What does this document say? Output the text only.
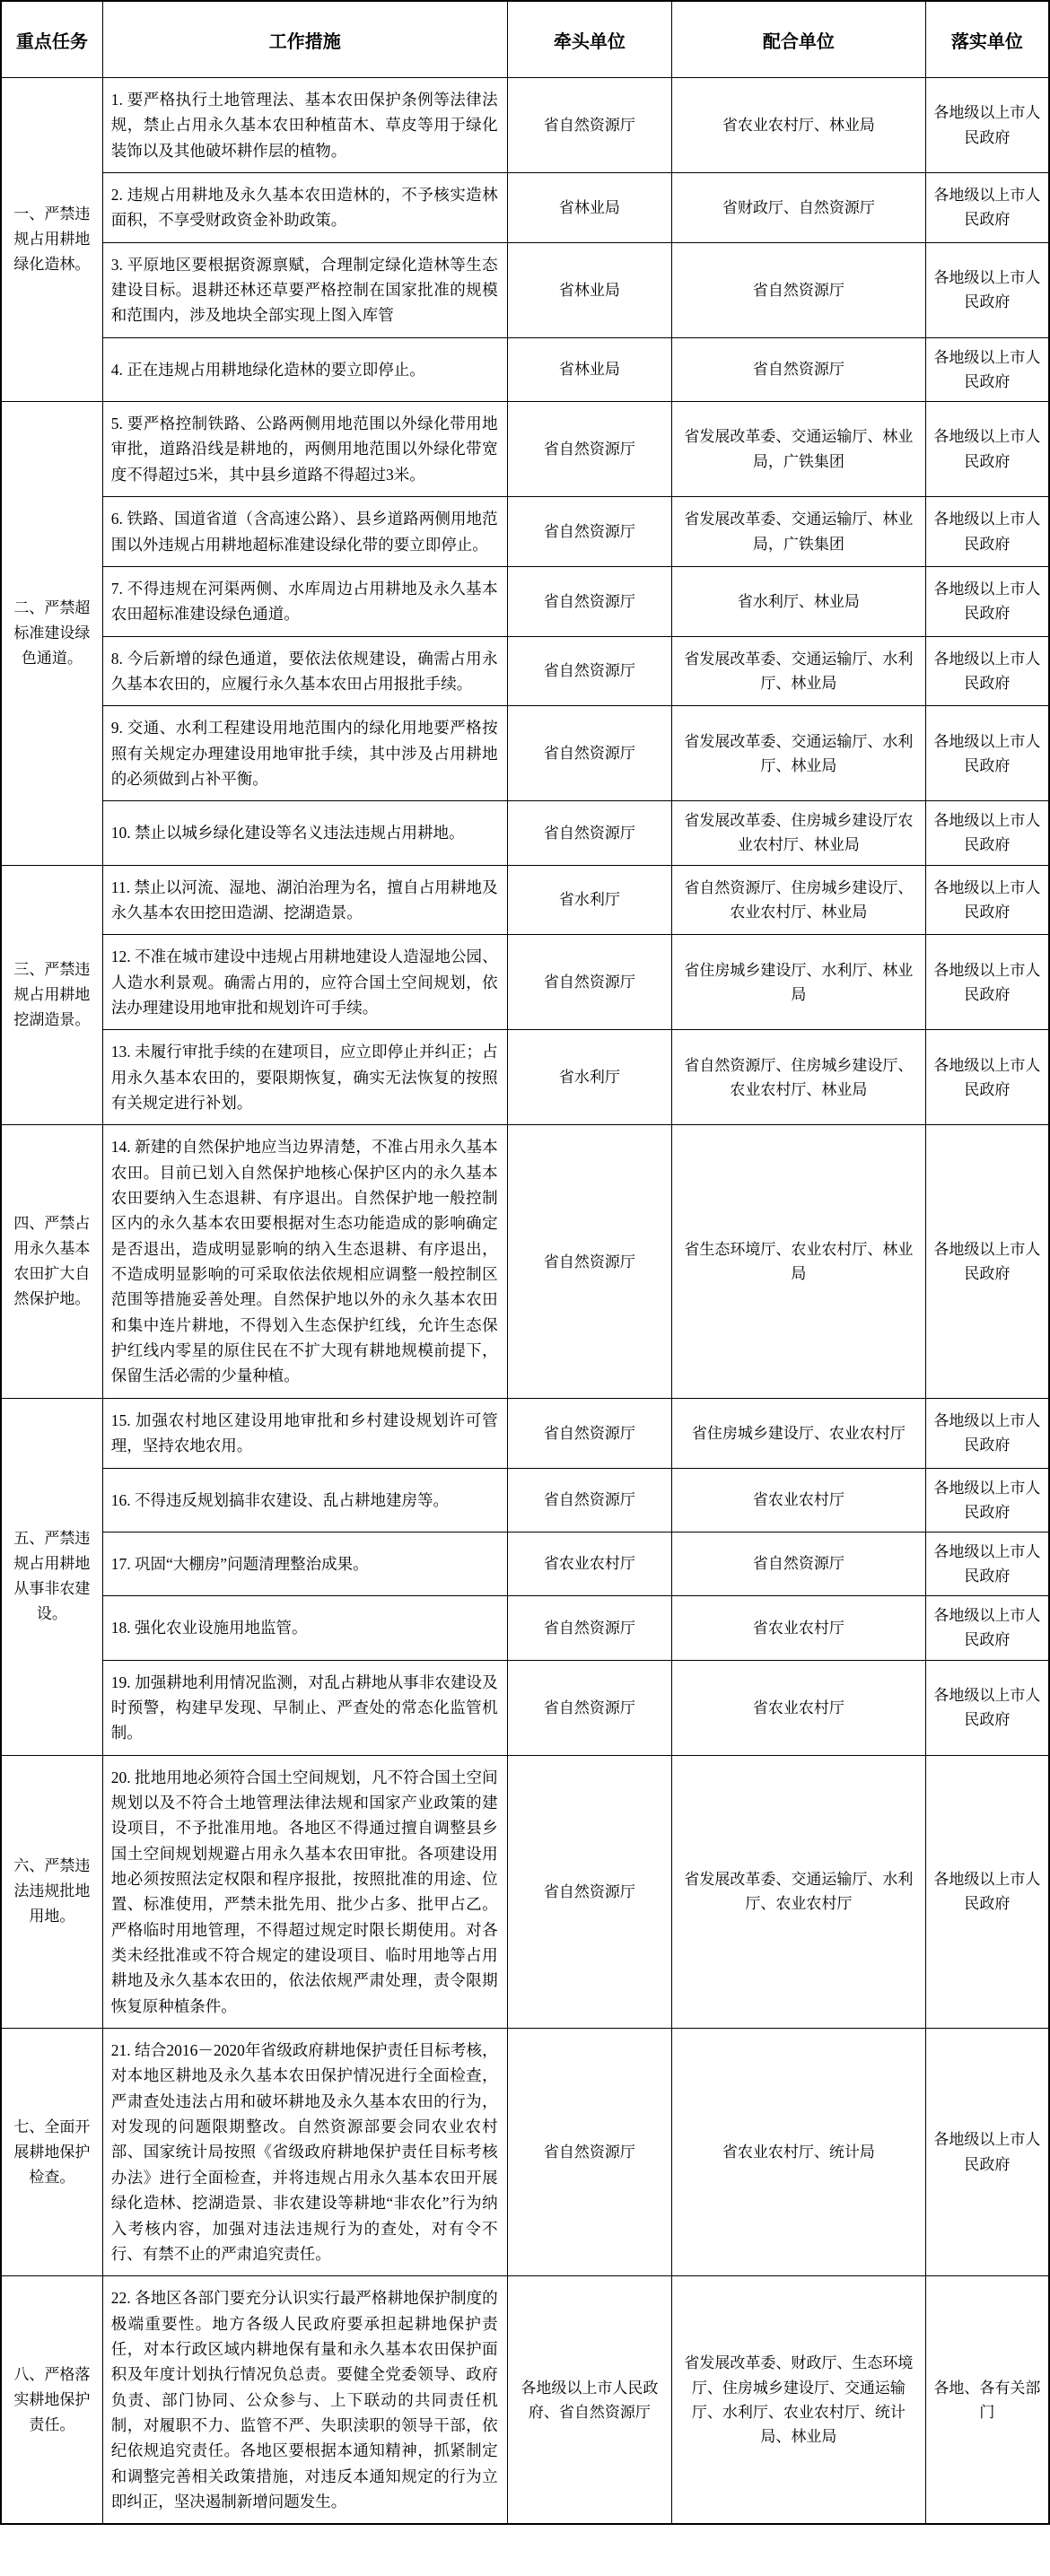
重点任务	工作措施	牵头单位	配合单位	落实单位
一、严禁违规占用耕地绿化造林。	1. 要严格执行土地管理法、基本农田保护条例等法律法规，禁止占用永久基本农田种植苗木、草皮等用于绿化装饰以及其他破坏耕作层的植物。	省自然资源厅	省农业农村厅、林业局	各地级以上市人民政府
	2. 违规占用耕地及永久基本农田造林的，不予核实造林面积，不享受财政资金补助政策。	省林业局	省财政厅、自然资源厅	各地级以上市人民政府
	3. 平原地区要根据资源禀赋，合理制定绿化造林等生态建设目标。退耕还林还草要严格控制在国家批准的规模和范围内，涉及地块全部实现上图入库管	省林业局	省自然资源厅	各地级以上市人民政府
	4. 正在违规占用耕地绿化造林的要立即停止。	省林业局	省自然资源厅	各地级以上市人民政府
二、严禁超标准建设绿色通道。	5. 要严格控制铁路、公路两侧用地范围以外绿化带用地审批，道路沿线是耕地的，两侧用地范围以外绿化带宽度不得超过5米，其中县乡道路不得超过3米。	省自然资源厅	省发展改革委、交通运输厅、林业局，广铁集团	各地级以上市人民政府
	6. 铁路、国道省道（含高速公路）、县乡道路两侧用地范围以外违规占用耕地超标准建设绿化带的要立即停止。	省自然资源厅	省发展改革委、交通运输厅、林业局，广铁集团	各地级以上市人民政府
	7. 不得违规在河渠两侧、水库周边占用耕地及永久基本农田超标准建设绿色通道。	省自然资源厅	省水利厅、林业局	各地级以上市人民政府
	8. 今后新增的绿色通道，要依法依规建设，确需占用永久基本农田的，应履行永久基本农田占用报批手续。	省自然资源厅	省发展改革委、交通运输厅、水利厅、林业局	各地级以上市人民政府
	9. 交通、水利工程建设用地范围内的绿化用地要严格按照有关规定办理建设用地审批手续，其中涉及占用耕地的必须做到占补平衡。	省自然资源厅	省发展改革委、交通运输厅、水利厅、林业局	各地级以上市人民政府
	10. 禁止以城乡绿化建设等名义违法违规占用耕地。	省自然资源厅	省发展改革委、住房城乡建设厅农业农村厅、林业局	各地级以上市人民政府
三、严禁违规占用耕地挖湖造景。	11. 禁止以河流、湿地、湖泊治理为名，擅自占用耕地及永久基本农田挖田造湖、挖湖造景。	省水利厅	省自然资源厅、住房城乡建设厅、农业农村厅、林业局	各地级以上市人民政府
	12. 不准在城市建设中违规占用耕地建设人造湿地公园、人造水利景观。确需占用的，应符合国土空间规划，依法办理建设用地审批和规划许可手续。	省自然资源厅	省住房城乡建设厅、水利厅、林业局	各地级以上市人民政府
	13. 未履行审批手续的在建项目，应立即停止并纠正；占用永久基本农田的，要限期恢复，确实无法恢复的按照有关规定进行补划。	省水利厅	省自然资源厅、住房城乡建设厅、农业农村厅、林业局	各地级以上市人民政府
四、严禁占用永久基本农田扩大自然保护地。	14. 新建的自然保护地应当边界清楚，不准占用永久基本农田。目前已划入自然保护地核心保护区内的永久基本农田要纳入生态退耕、有序退出。自然保护地一般控制区内的永久基本农田要根据对生态功能造成的影响确定是否退出，造成明显影响的纳入生态退耕、有序退出，不造成明显影响的可采取依法依规相应调整一般控制区范围等措施妥善处理。自然保护地以外的永久基本农田和集中连片耕地，不得划入生态保护红线，允许生态保护红线内零星的原住民在不扩大现有耕地规模前提下，保留生活必需的少量种植。	省自然资源厅	省生态环境厅、农业农村厅、林业局	各地级以上市人民政府
五、严禁违规占用耕地从事非农建设。	15. 加强农村地区建设用地审批和乡村建设规划许可管理，坚持农地农用。	省自然资源厅	省住房城乡建设厅、农业农村厅	各地级以上市人民政府
	16. 不得违反规划搞非农建设、乱占耕地建房等。	省自然资源厅	省农业农村厅	各地级以上市人民政府
	17. 巩固“大棚房”问题清理整治成果。	省农业农村厅	省自然资源厅	各地级以上市人民政府
	18. 强化农业设施用地监管。	省自然资源厅	省农业农村厅	各地级以上市人民政府
	19. 加强耕地利用情况监测，对乱占耕地从事非农建设及时预警，构建早发现、早制止、严查处的常态化监管机制。	省自然资源厅	省农业农村厅	各地级以上市人民政府
六、严禁违法违规批地用地。	20. 批地用地必须符合国土空间规划，凡不符合国土空间规划以及不符合土地管理法律法规和国家产业政策的建设项目，不予批准用地。各地区不得通过擅自调整县乡国土空间规划规避占用永久基本农田审批。各项建设用地必须按照法定权限和程序报批，按照批准的用途、位置、标准使用，严禁未批先用、批少占多、批甲占乙。严格临时用地管理，不得超过规定时限长期使用。对各类未经批准或不符合规定的建设项目、临时用地等占用耕地及永久基本农田的，依法依规严肃处理，责令限期恢复原种植条件。	省自然资源厅	省发展改革委、交通运输厅、水利厅、农业农村厅	各地级以上市人民政府
七、全面开展耕地保护检查。	21. 结合2016－2020年省级政府耕地保护责任目标考核，对本地区耕地及永久基本农田保护情况进行全面检查，严肃查处违法占用和破坏耕地及永久基本农田的行为，对发现的问题限期整改。自然资源部要会同农业农村部、国家统计局按照《省级政府耕地保护责任目标考核办法》进行全面检查，并将违规占用永久基本农田开展绿化造林、挖湖造景、非农建设等耕地“非农化”行为纳入考核内容，加强对违法违规行为的查处，对有令不行、有禁不止的严肃追究责任。	省自然资源厅	省农业农村厅、统计局	各地级以上市人民政府
八、严格落实耕地保护责任。	22. 各地区各部门要充分认识实行最严格耕地保护制度的极端重要性。地方各级人民政府要承担起耕地保护责任，对本行政区域内耕地保有量和永久基本农田保护面积及年度计划执行情况负总责。要健全党委领导、政府负责、部门协同、公众参与、上下联动的共同责任机制，对履职不力、监管不严、失职渎职的领导干部，依纪依规追究责任。各地区要根据本通知精神，抓紧制定和调整完善相关政策措施，对违反本通知规定的行为立即纠正，坚决遏制新增问题发生。	各地级以上市人民政府、省自然资源厅	省发展改革委、财政厅、生态环境厅、住房城乡建设厅、交通运输厅、水利厅、农业农村厅、统计局、林业局	各地、各有关部门
